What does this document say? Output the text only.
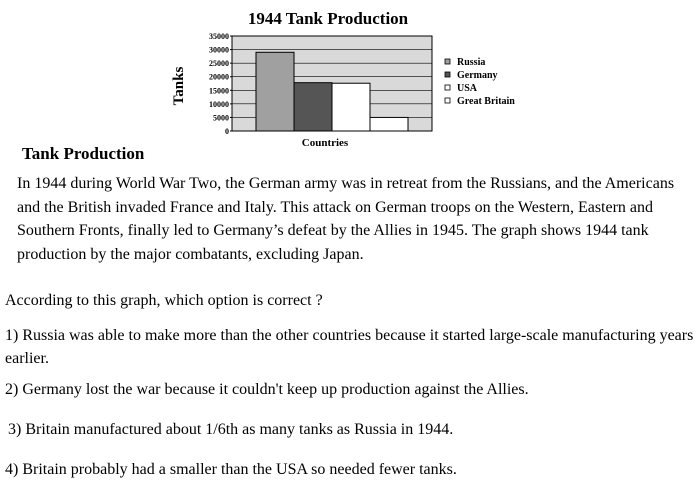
1944 Tank Production
0
5000
10000
15000
20000
25000
30000
35000
Tanks
Countries
Russia
Germany
USA
Great Britain
Tank Production

In 1944 during World War Two, the German army was in retreat from the Russians, and the Americans and the British invaded France and Italy. This attack on German troops on the Western, Eastern and Southern Fronts, finally led to Germany’s defeat by the Allies in 1945. The graph shows 1944 tank production by the major combatants, excluding Japan.

According to this graph, which option is correct ?

1) Russia was able to make more than the other countries because it started large-scale manufacturing years earlier.

2) Germany lost the war because it couldn't keep up production against the Allies.

3) Britain manufactured about 1/6th as many tanks as Russia in 1944.

4) Britain probably had a smaller than the USA so needed fewer tanks.
